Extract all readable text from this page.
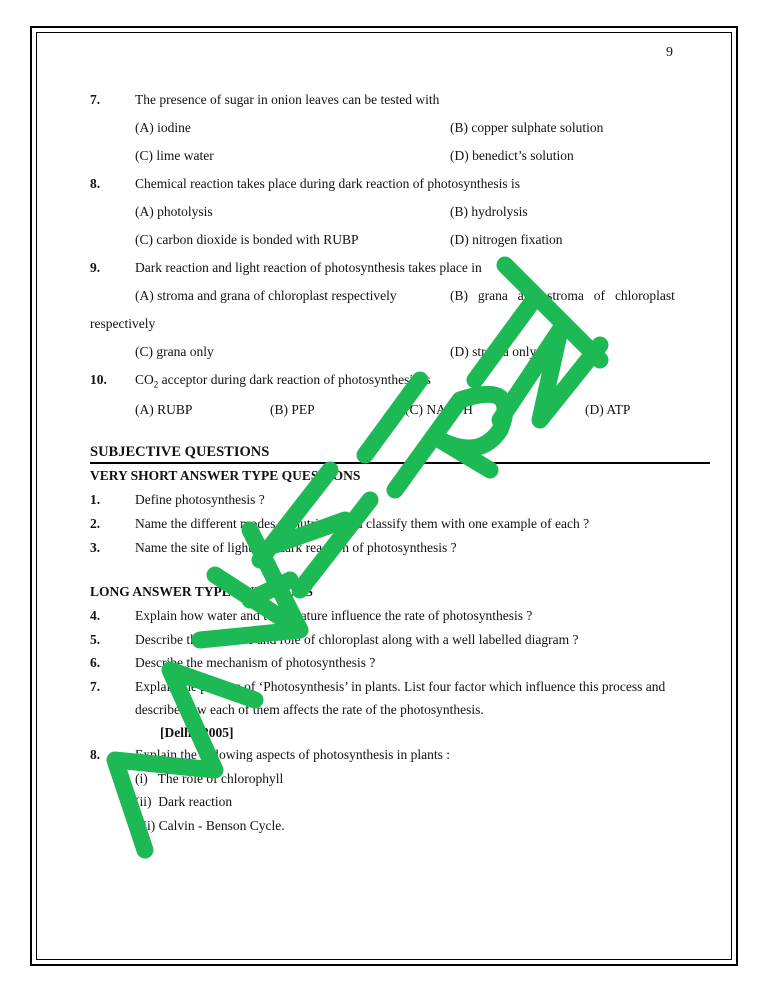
9
7.	The presence of sugar in onion leaves can be tested with
(A) iodine	(B) copper sulphate solution
(C) lime water	(D) benedict’s solution
8.	Chemical reaction takes place during dark reaction of photosynthesis is
(A) photolysis	(B) hydrolysis
(C) carbon dioxide is bonded with RUBP	(D) nitrogen fixation
9.	Dark reaction and light reaction of photosynthesis takes place in
(A) stroma and grana of chloroplast respectively	(B) grana and stroma of chloroplast
respectively
(C) grana only	(D) stroma only
10. $CO_2$ acceptor during dark reaction of photosynthesis is
(A) RUBP	(B) PEP	(C) NADPH	(D) ATP
SUBJECTIVE QUESTIONS
VERY SHORT ANSWER TYPE QUESTIONS
1.	Define photosynthesis ?
2.	Name the different modes of nutrition and classify them with one example of each ?
3.	Name the site of light and dark reaction of photosynthesis ?
LONG ANSWER TYPE QUESTIONS
4.	Explain how water and temperature influence the rate of photosynthesis ?
5.	Describe the structure and role of chloroplast along with a well labelled diagram ?
6.	Describe the mechanism of photosynthesis ?
7.	Explain the process of ‘Photosynthesis’ in plants. List four factor which influence this process and
describe how each of them affects the rate of the photosynthesis.
[Delhi, 2005]
8.	Explain the following aspects of photosynthesis in plants :
(i)   The role of chlorophyll
(ii)  Dark reaction
(iii) Calvin - Benson Cycle.
